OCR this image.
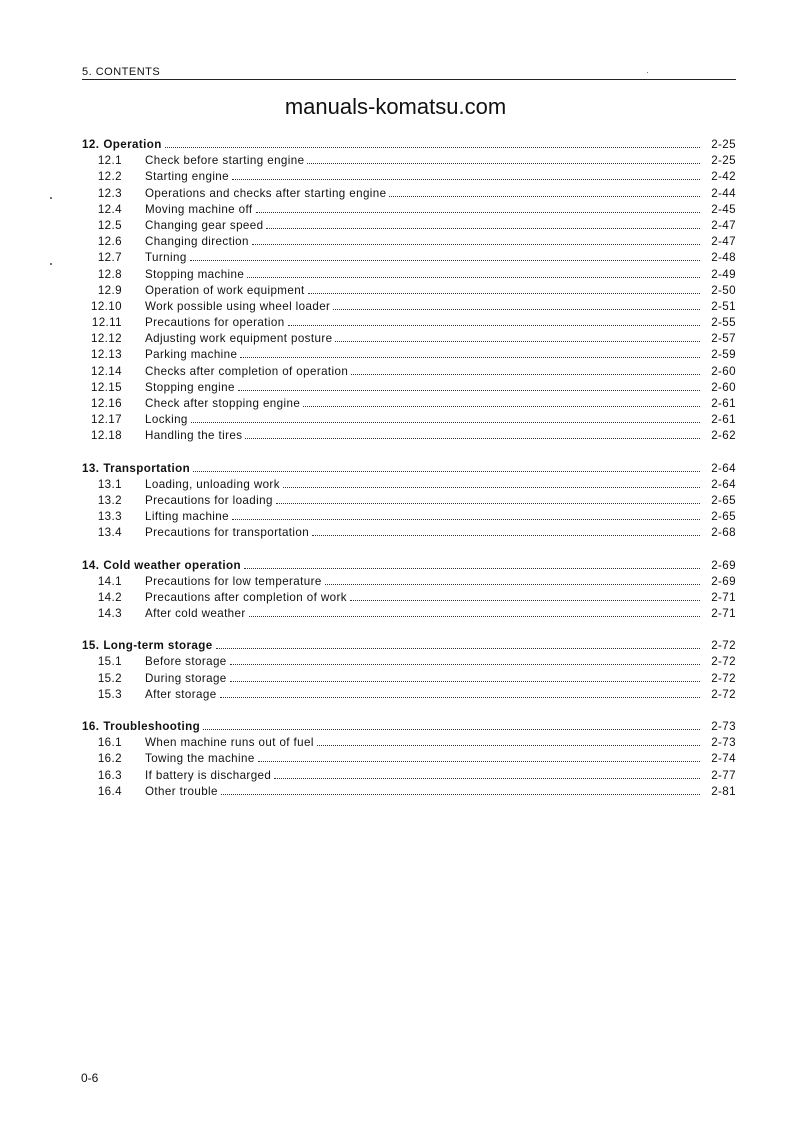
5. CONTENTS
manuals-komatsu.com
12. Operation	2-25
12.1	Check before starting engine	2-25
12.2	Starting engine	2-42
12.3	Operations and checks after starting engine	2-44
12.4	Moving machine off	2-45
12.5	Changing gear speed	2-47
12.6	Changing direction	2-47
12.7	Turning	2-48
12.8	Stopping machine	2-49
12.9	Operation of work equipment	2-50
12.10	Work possible using wheel loader	2-51
12.11	Precautions for operation	2-55
12.12	Adjusting work equipment posture	2-57
12.13	Parking machine	2-59
12.14	Checks after completion of operation	2-60
12.15	Stopping engine	2-60
12.16	Check after stopping engine	2-61
12.17	Locking	2-61
12.18	Handling the tires	2-62
13. Transportation	2-64
13.1	Loading, unloading work	2-64
13.2	Precautions for loading	2-65
13.3	Lifting machine	2-65
13.4	Precautions for transportation	2-68
14. Cold weather operation	2-69
14.1	Precautions for low temperature	2-69
14.2	Precautions after completion of work	2-71
14.3	After cold weather	2-71
15. Long-term storage	2-72
15.1	Before storage	2-72
15.2	During storage	2-72
15.3	After storage	2-72
16. Troubleshooting	2-73
16.1	When machine runs out of fuel	2-73
16.2	Towing the machine	2-74
16.3	If battery is discharged	2-77
16.4	Other trouble	2-81
0-6
